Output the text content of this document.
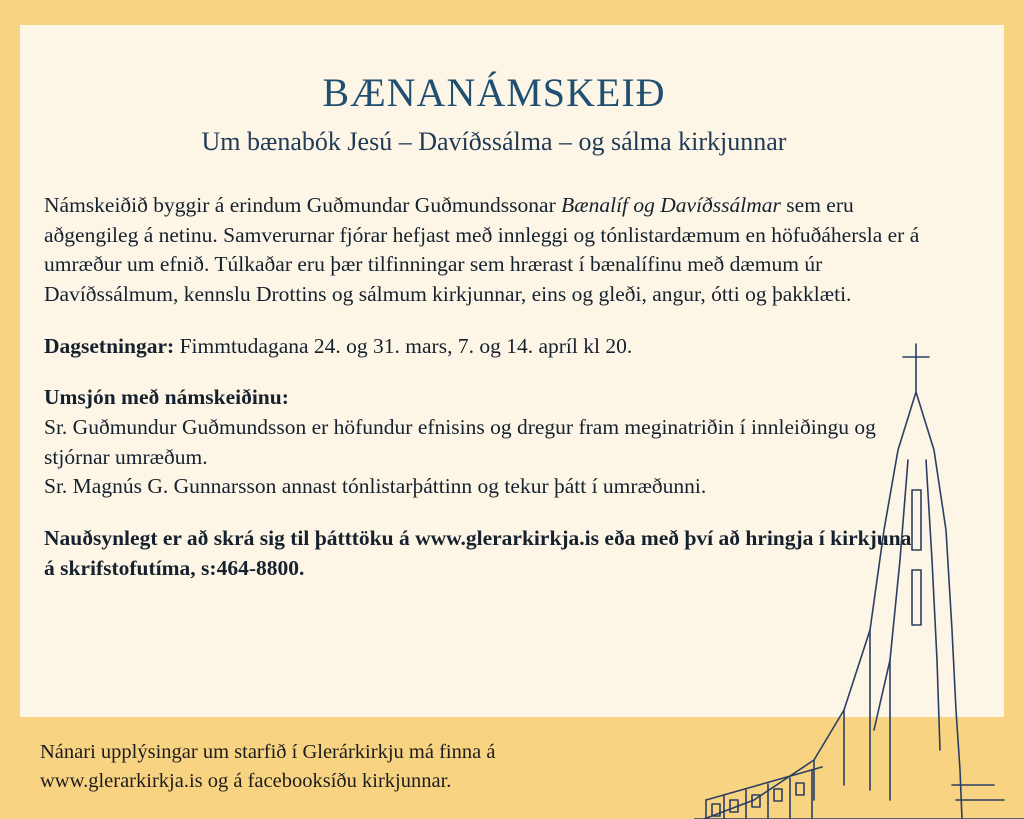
BÆNANÁMSKEIÐ
Um bænabók Jesú – Davíðssálma – og sálma kirkjunnar

Námskeiðið byggir á erindum Guðmundar Guðmundssonar Bænalíf og Davíðssálmar sem eru aðgengileg á netinu. Samverurnar fjórar hefjast með innleggi og tónlistardæmum en höfuðáhersla er á umræður um efnið. Túlkaðar eru þær tilfinningar sem hrærast í bænalífinu með dæmum úr Davíðssálmum, kennslu Drottins og sálmum kirkjunnar, eins og gleði, angur, ótti og þakklæti.

Dagsetningar: Fimmtudagana 24. og 31. mars, 7. og 14. apríl kl 20.

Umsjón með námskeiðinu:

Sr. Guðmundur Guðmundsson er höfundur efnisins og dregur fram meginatriðin í innleiðingu og stjórnar umræðum.

Sr. Magnús G. Gunnarsson annast tónlistarþáttinn og tekur þátt í umræðunni.

Nauðsynlegt er að skrá sig til þátttöku á www.glerarkirkja.is eða með því að hringja í kirkjuna á skrifstofutíma, s:464-8800.

Nánari upplýsingar um starfið í Glerárkirkju má finna á
www.glerarkirkja.is og á facebooksíðu kirkjunnar.
